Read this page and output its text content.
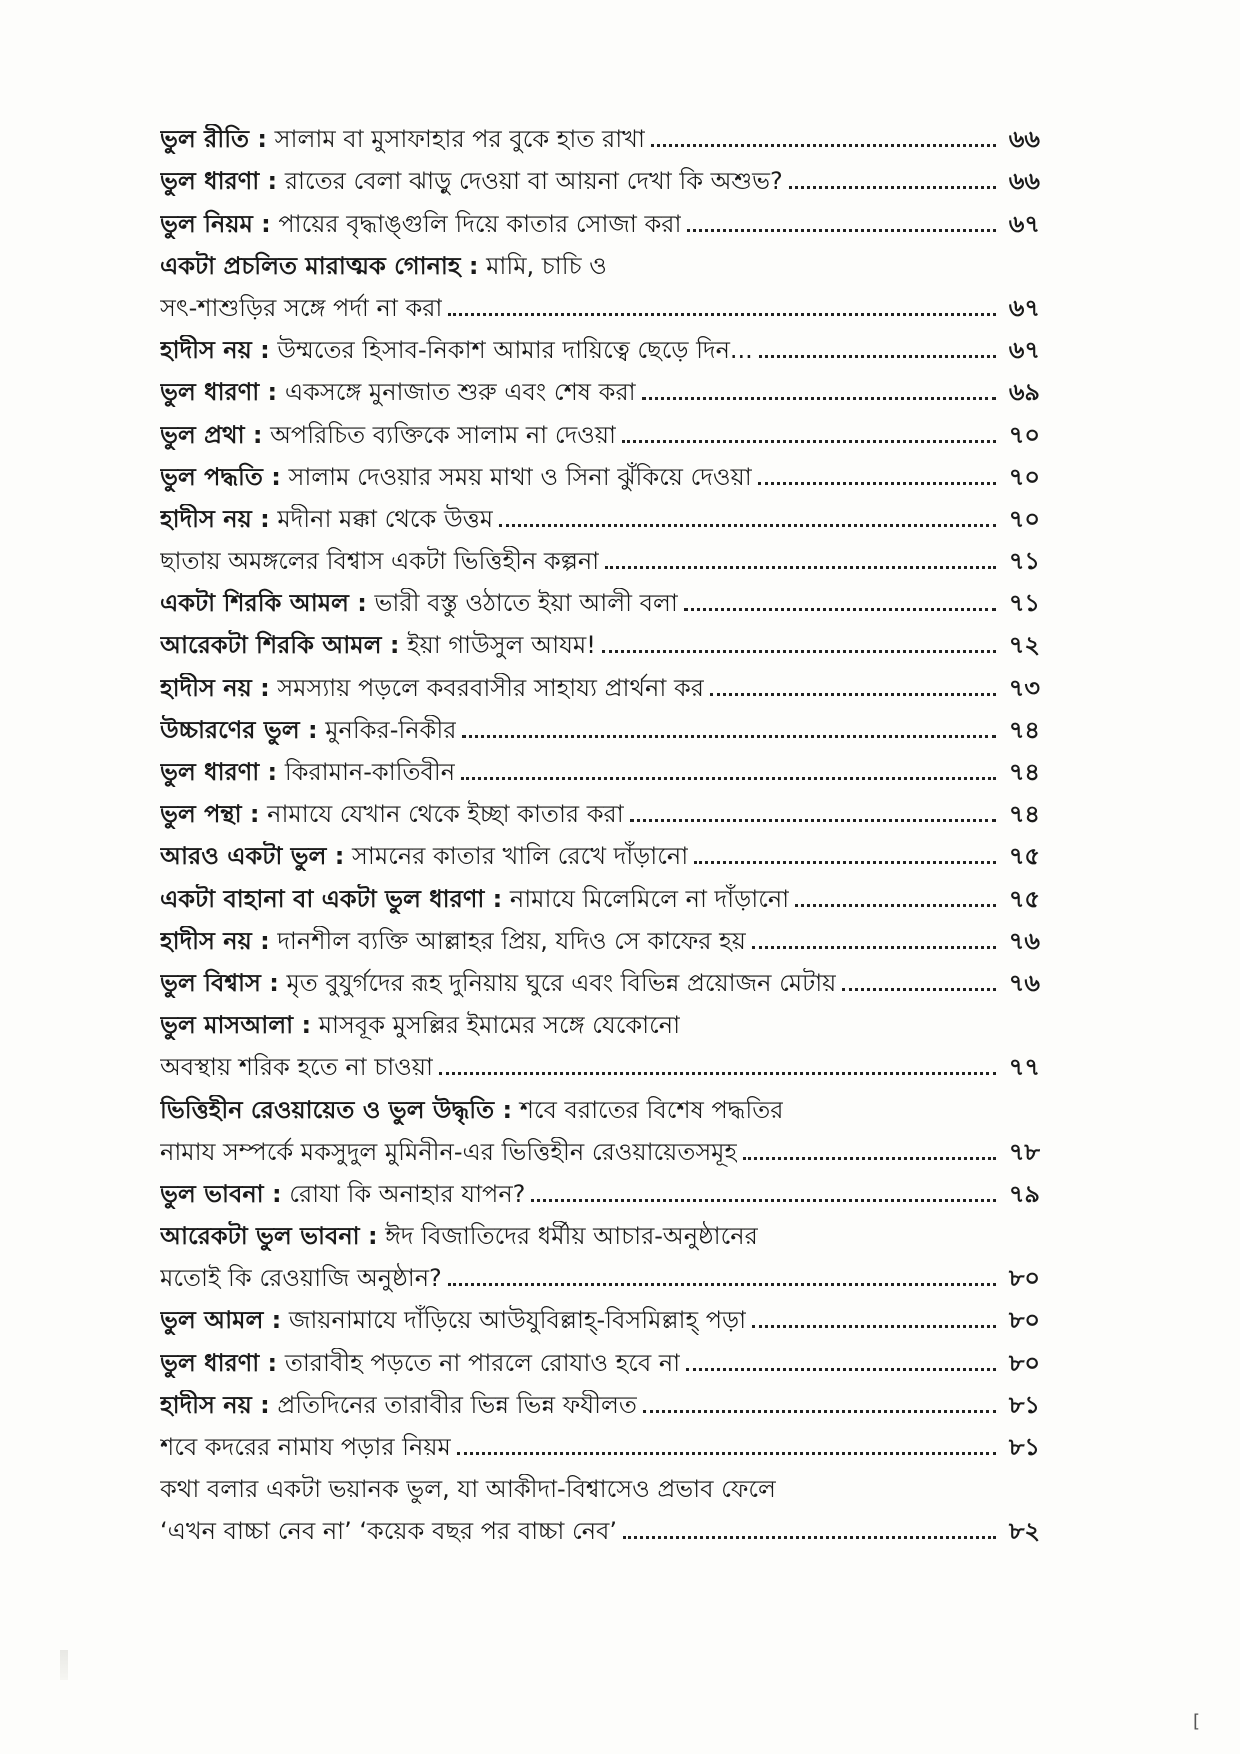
ভুল রীতি : সালাম বা মুসাফাহার পর বুকে হাত রাখা	৬৬
ভুল ধারণা : রাতের বেলা ঝাড়ু দেওয়া বা আয়না দেখা কি অশুভ?	৬৬
ভুল নিয়ম : পায়ের বৃদ্ধাঙ্গুলি দিয়ে কাতার সোজা করা	৬৭
একটা প্রচলিত মারাত্মক গোনাহ : মামি, চাচি ও
সৎ-শাশুড়ির সঙ্গে পর্দা না করা	৬৭
হাদীস নয় : উম্মতের হিসাব-নিকাশ আমার দায়িত্বে ছেড়ে দিন...	৬৭
ভুল ধারণা : একসঙ্গে মুনাজাত শুরু এবং শেষ করা	৬৯
ভুল প্রথা : অপরিচিত ব্যক্তিকে সালাম না দেওয়া	৭০
ভুল পদ্ধতি : সালাম দেওয়ার সময় মাথা ও সিনা ঝুঁকিয়ে দেওয়া	৭০
হাদীস নয় : মদীনা মক্কা থেকে উত্তম	৭০
ছাতায় অমঙ্গলের বিশ্বাস একটা ভিত্তিহীন কল্পনা	৭১
একটা শিরকি আমল : ভারী বস্তু ওঠাতে ইয়া আলী বলা	৭১
আরেকটা শিরকি আমল : ইয়া গাউসুল আযম!	৭২
হাদীস নয় : সমস্যায় পড়লে কবরবাসীর সাহায্য প্রার্থনা কর	৭৩
উচ্চারণের ভুল : মুনকির-নিকীর	৭৪
ভুল ধারণা : কিরামান-কাতিবীন	৭৪
ভুল পন্থা : নামাযে যেখান থেকে ইচ্ছা কাতার করা	৭৪
আরও একটা ভুল : সামনের কাতার খালি রেখে দাঁড়ানো	৭৫
একটা বাহানা বা একটা ভুল ধারণা : নামাযে মিলেমিলে না দাঁড়ানো	৭৫
হাদীস নয় : দানশীল ব্যক্তি আল্লাহর প্রিয়, যদিও সে কাফের হয়	৭৬
ভুল বিশ্বাস : মৃত বুযুর্গদের রূহ দুনিয়ায় ঘুরে এবং বিভিন্ন প্রয়োজন মেটায়	৭৬
ভুল মাসআলা : মাসবূক মুসল্লির ইমামের সঙ্গে যেকোনো
অবস্থায় শরিক হতে না চাওয়া	৭৭
ভিত্তিহীন রেওয়ায়েত ও ভুল উদ্ধৃতি : শবে বরাতের বিশেষ পদ্ধতির
নামায সম্পর্কে মকসুদুল মুমিনীন-এর ভিত্তিহীন রেওয়ায়েতসমূহ	৭৮
ভুল ভাবনা : রোযা কি অনাহার যাপন?	৭৯
আরেকটা ভুল ভাবনা : ঈদ বিজাতিদের ধর্মীয় আচার-অনুষ্ঠানের
মতোই কি রেওয়াজি অনুষ্ঠান?	৮০
ভুল আমল : জায়নামাযে দাঁড়িয়ে আউযুবিল্লাহ্-বিসমিল্লাহ্ পড়া	৮০
ভুল ধারণা : তারাবীহ পড়তে না পারলে রোযাও হবে না	৮০
হাদীস নয় : প্রতিদিনের তারাবীর ভিন্ন ভিন্ন ফযীলত	৮১
শবে কদরের নামায পড়ার নিয়ম	৮১
কথা বলার একটা ভয়ানক ভুল, যা আকীদা-বিশ্বাসেও প্রভাব ফেলে
‘এখন বাচ্চা নেব না’ ‘কয়েক বছর পর বাচ্চা নেব’	৮২
[
